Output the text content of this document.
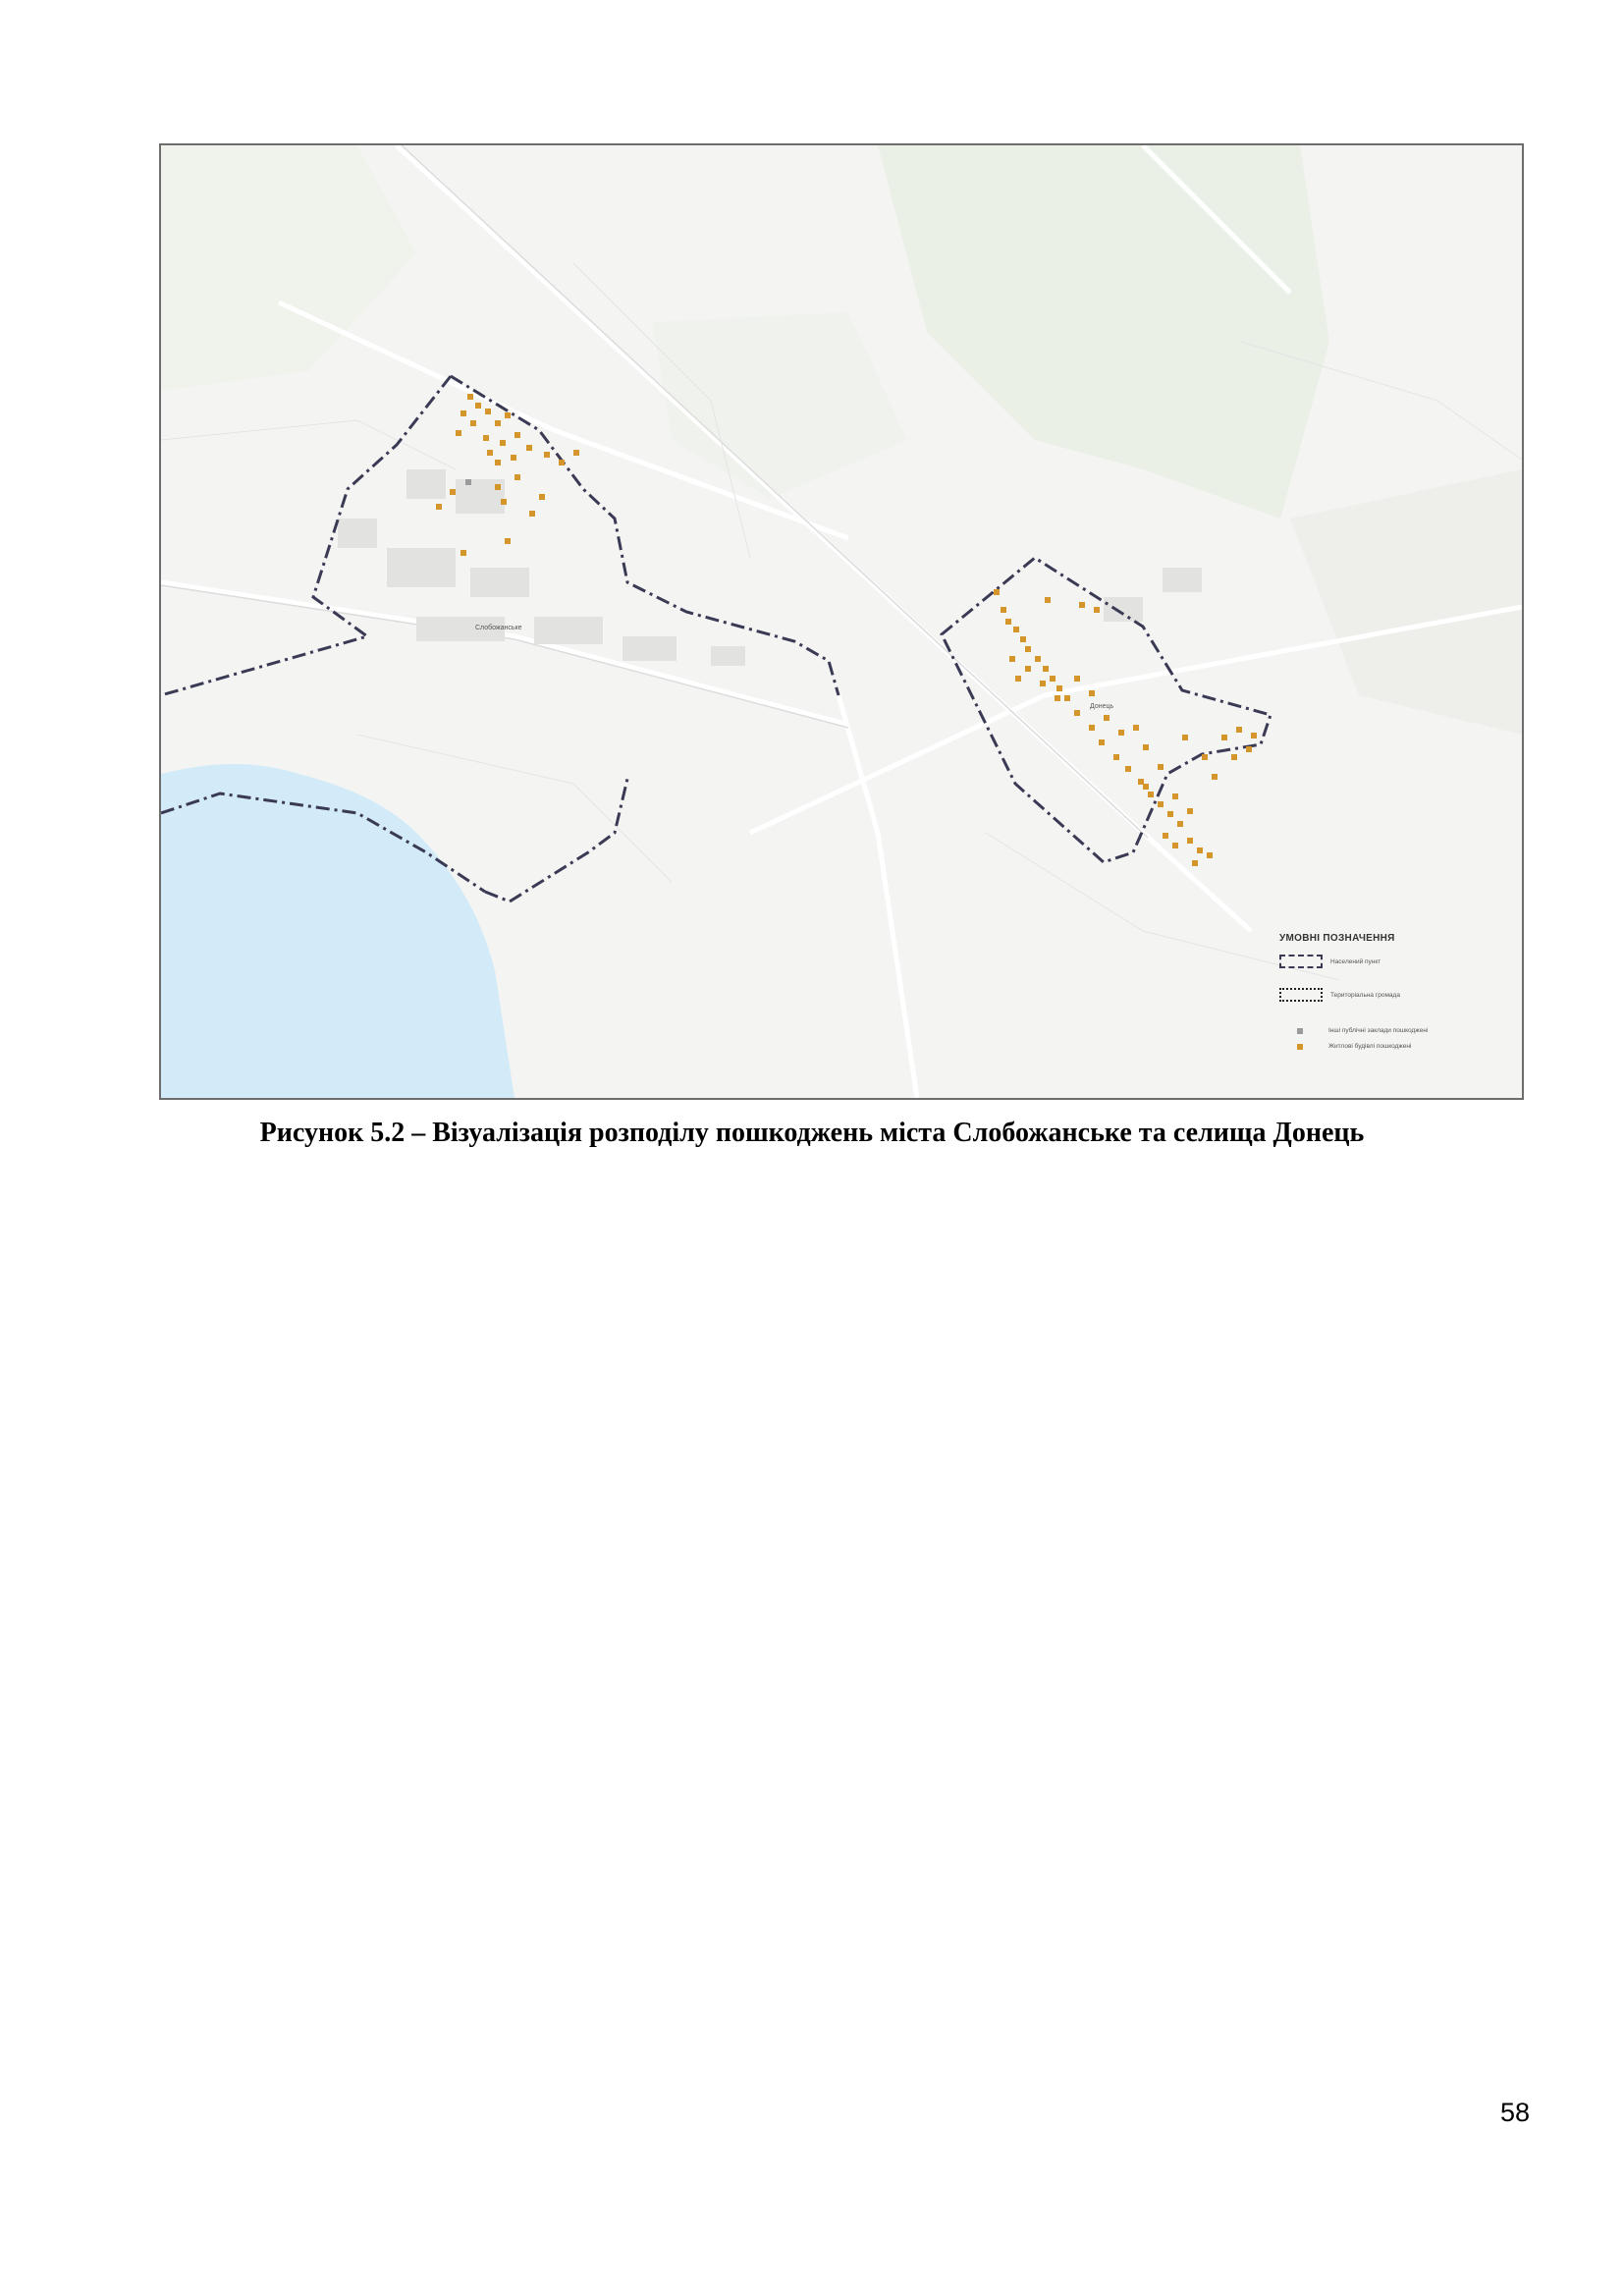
Слобожанське
Донець
УМОВНІ ПОЗНАЧЕННЯ
Населений пункт
Територіальна громада
Інші публічні заклади пошкоджені
Житлові будівлі пошкоджені
Рисунок 5.2 – Візуалізація розподілу пошкоджень міста Слобожанське та селища Донець
58
